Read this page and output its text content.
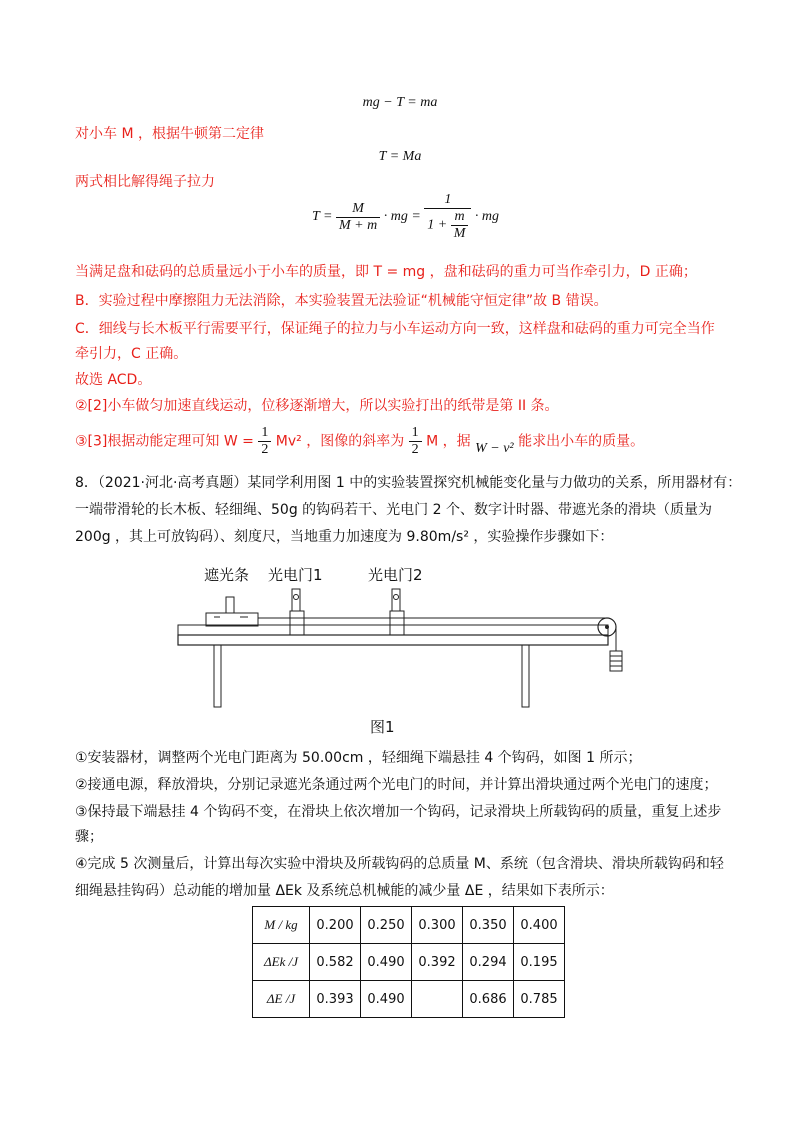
mg − T = ma
对小车 M ，根据牛顿第二定律
T = Ma
两式相比解得绳子拉力
$T = \frac{M}{M + m}$ · mg = $\frac{1}{1 + \frac{m}{M}}$ · mg
当满足盘和砝码的总质量远小于小车的质量，即 T = mg ，盘和砝码的重力可当作牵引力，D 正确；
B．实验过程中摩擦阻力无法消除，本实验装置无法验证“机械能守恒定律”故 B 错误。
C．细线与长木板平行需要平行，保证绳子的拉力与小车运动方向一致，这样盘和砝码的重力可完全当作
牵引力，C 正确。
故选 ACD。
②[2]小车做匀加速直线运动，位移逐渐增大，所以实验打出的纸带是第 II 条。
③[3]根据动能定理可知 $W = \frac{1}{2} Mv^2$ ，图像的斜率为 $\frac{1}{2}$ M ，据 W − v² 能求出小车的质量。
8．（2021·河北·高考真题）某同学利用图 1 中的实验装置探究机械能变化量与力做功的关系，所用器材有：
一端带滑轮的长木板、轻细绳、50g 的钩码若干、光电门 2 个、数字计时器、带遮光条的滑块（质量为
200g ，其上可放钩码）、刻度尺，当地重力加速度为 9.80m/s² ，实验操作步骤如下：
遮光条 光电门1	光电门2
图1
①安装器材，调整两个光电门距离为 50.00cm ，轻细绳下端悬挂 4 个钩码，如图 1 所示；
②接通电源，释放滑块，分别记录遮光条通过两个光电门的时间，并计算出滑块通过两个光电门的速度；
③保持最下端悬挂 4 个钩码不变，在滑块上依次增加一个钩码，记录滑块上所载钩码的质量，重复上述步
骤；
④完成 5 次测量后，计算出每次实验中滑块及所载钩码的总质量 M、系统（包含滑块、滑块所载钩码和轻
细绳悬挂钩码）总动能的增加量 ΔEk 及系统总机械能的减少量 ΔE ，结果如下表所示：
M / kg	0.200	0.250	0.300	0.350	0.400
ΔEk /J	0.582	0.490	0.392	0.294	0.195
ΔE /J	0.393	0.490		0.686	0.785
